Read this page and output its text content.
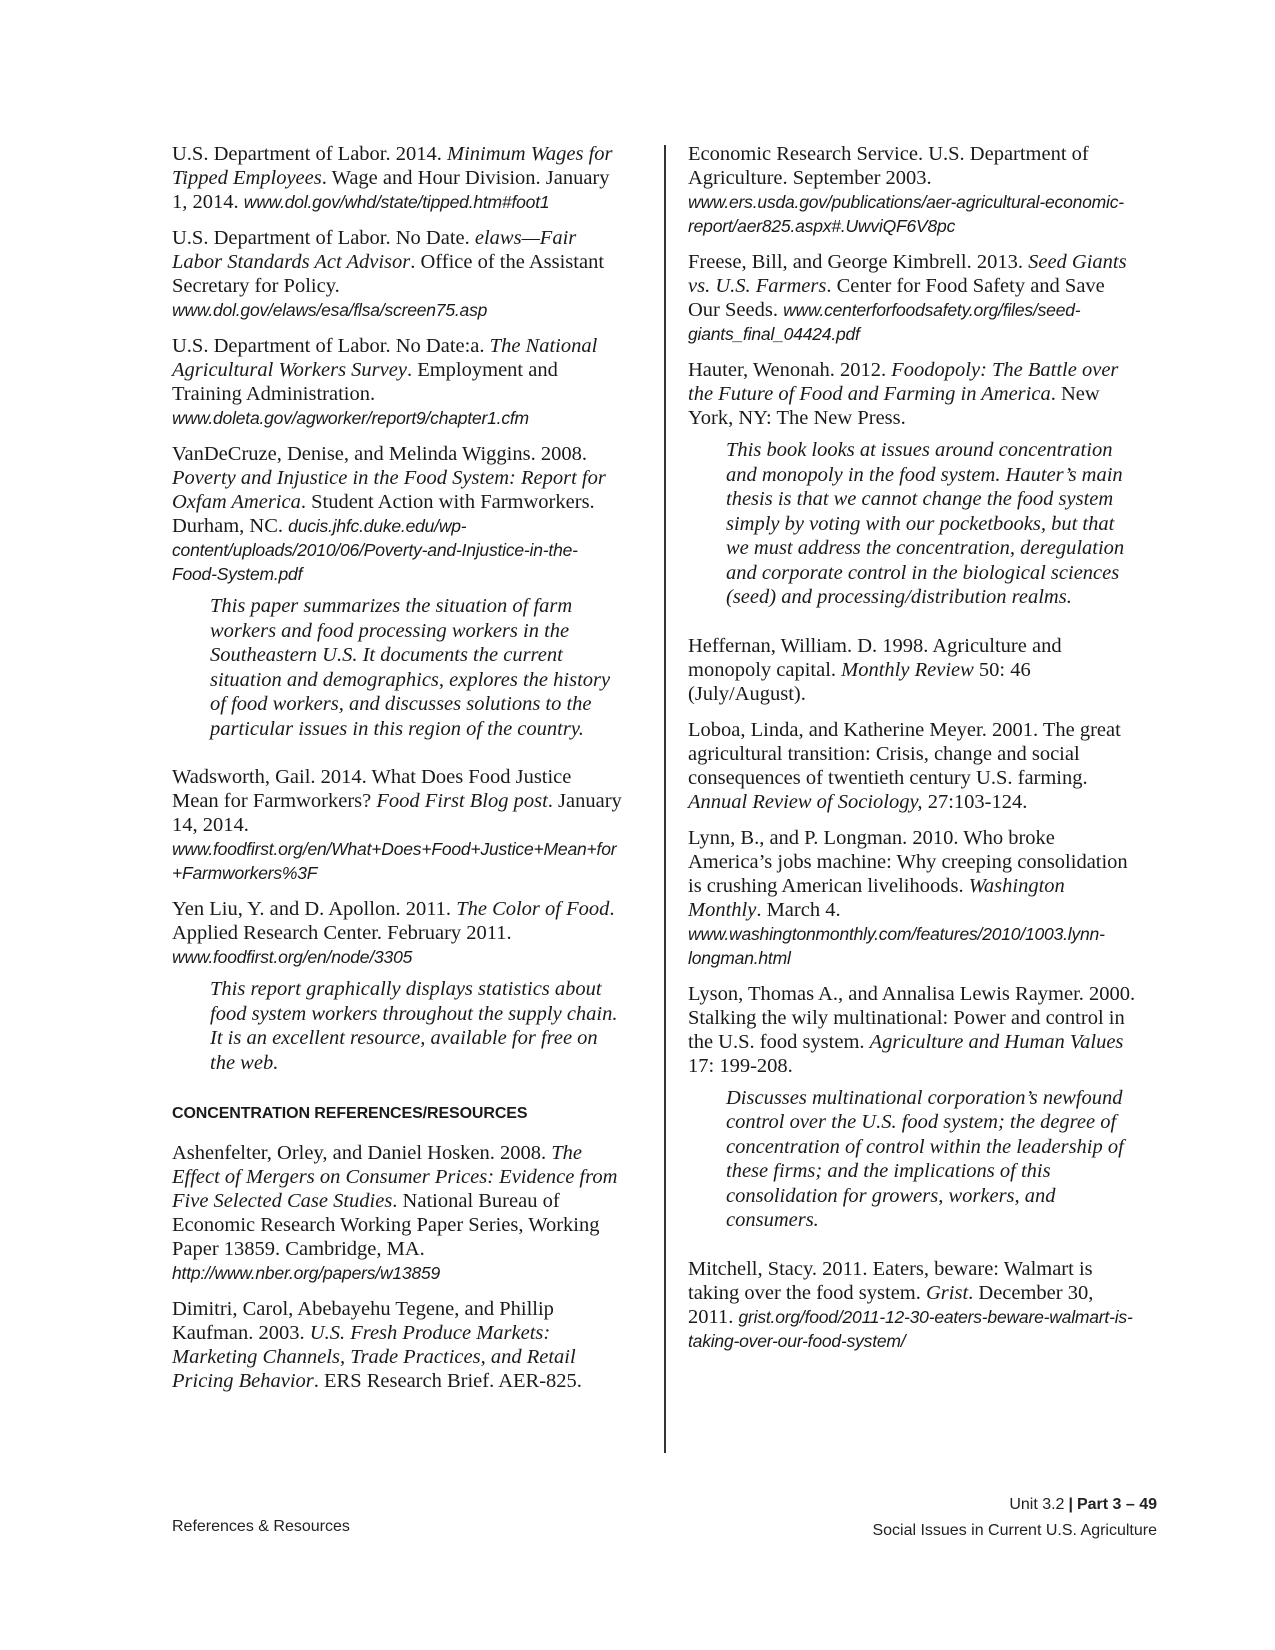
U.S. Department of Labor. 2014. Minimum Wages for Tipped Employees. Wage and Hour Division. January 1, 2014. www.dol.gov/whd/state/tipped.htm#foot1

U.S. Department of Labor. No Date. elaws—Fair Labor Standards Act Advisor. Office of the Assistant Secretary for Policy. www.dol.gov/elaws/esa/flsa/screen75.asp

U.S. Department of Labor. No Date:a. The National Agricultural Workers Survey. Employment and Training Administration. www.doleta.gov/agworker/report9/chapter1.cfm

VanDeCruze, Denise, and Melinda Wiggins. 2008. Poverty and Injustice in the Food System: Report for Oxfam America. Student Action with Farmworkers. Durham, NC. ducis.jhfc.duke.edu/wp-content/uploads/2010/06/Poverty-and-Injustice-in-the-Food-System.pdf

This paper summarizes the situation of farm workers and food processing workers in the Southeastern U.S. It documents the current situation and demographics, explores the history of food workers, and discusses solutions to the particular issues in this region of the country.

Wadsworth, Gail. 2014. What Does Food Justice Mean for Farmworkers? Food First Blog post. January 14, 2014. www.foodfirst.org/en/What+Does+Food+Justice+Mean+for+Farmworkers%3F

Yen Liu, Y. and D. Apollon. 2011. The Color of Food. Applied Research Center. February 2011. www.foodfirst.org/en/node/3305

This report graphically displays statistics about food system workers throughout the supply chain. It is an excellent resource, available for free on the web.

CONCENTRATION REFERENCES/RESOURCES

Ashenfelter, Orley, and Daniel Hosken. 2008. The Effect of Mergers on Consumer Prices: Evidence from Five Selected Case Studies. National Bureau of Economic Research Working Paper Series, Working Paper 13859. Cambridge, MA. http://www.nber.org/papers/w13859

Dimitri, Carol, Abebayehu Tegene, and Phillip Kaufman. 2003. U.S. Fresh Produce Markets: Marketing Channels, Trade Practices, and Retail Pricing Behavior. ERS Research Brief. AER-825.

Economic Research Service. U.S. Department of Agriculture. September 2003. www.ers.usda.gov/publications/aer-agricultural-economic-report/aer825.aspx#.UwviQF6V8pc

Freese, Bill, and George Kimbrell. 2013. Seed Giants vs. U.S. Farmers. Center for Food Safety and Save Our Seeds. www.centerforfoodsafety.org/files/seed-giants_final_04424.pdf

Hauter, Wenonah. 2012. Foodopoly: The Battle over the Future of Food and Farming in America. New York, NY: The New Press.

This book looks at issues around concentration and monopoly in the food system. Hauter’s main thesis is that we cannot change the food system simply by voting with our pocketbooks, but that we must address the concentration, deregulation and corporate control in the biological sciences (seed) and processing/distribution realms.

Heffernan, William. D. 1998. Agriculture and monopoly capital. Monthly Review 50: 46 (July/August).

Loboa, Linda, and Katherine Meyer. 2001. The great agricultural transition: Crisis, change and social consequences of twentieth century U.S. farming. Annual Review of Sociology, 27:103-124.

Lynn, B., and P. Longman. 2010. Who broke America’s jobs machine: Why creeping consolidation is crushing American livelihoods. Washington Monthly. March 4. www.washingtonmonthly.com/features/2010/1003.lynn-longman.html

Lyson, Thomas A., and Annalisa Lewis Raymer. 2000. Stalking the wily multinational: Power and control in the U.S. food system. Agriculture and Human Values 17: 199-208.

Discusses multinational corporation’s newfound control over the U.S. food system; the degree of concentration of control within the leadership of these firms; and the implications of this consolidation for growers, workers, and consumers.

Mitchell, Stacy. 2011. Eaters, beware: Walmart is taking over the food system. Grist. December 30, 2011. grist.org/food/2011-12-30-eaters-beware-walmart-is-taking-over-our-food-system/

References & Resources
Unit 3.2 | Part 3 – 49
Social Issues in Current U.S. Agriculture
